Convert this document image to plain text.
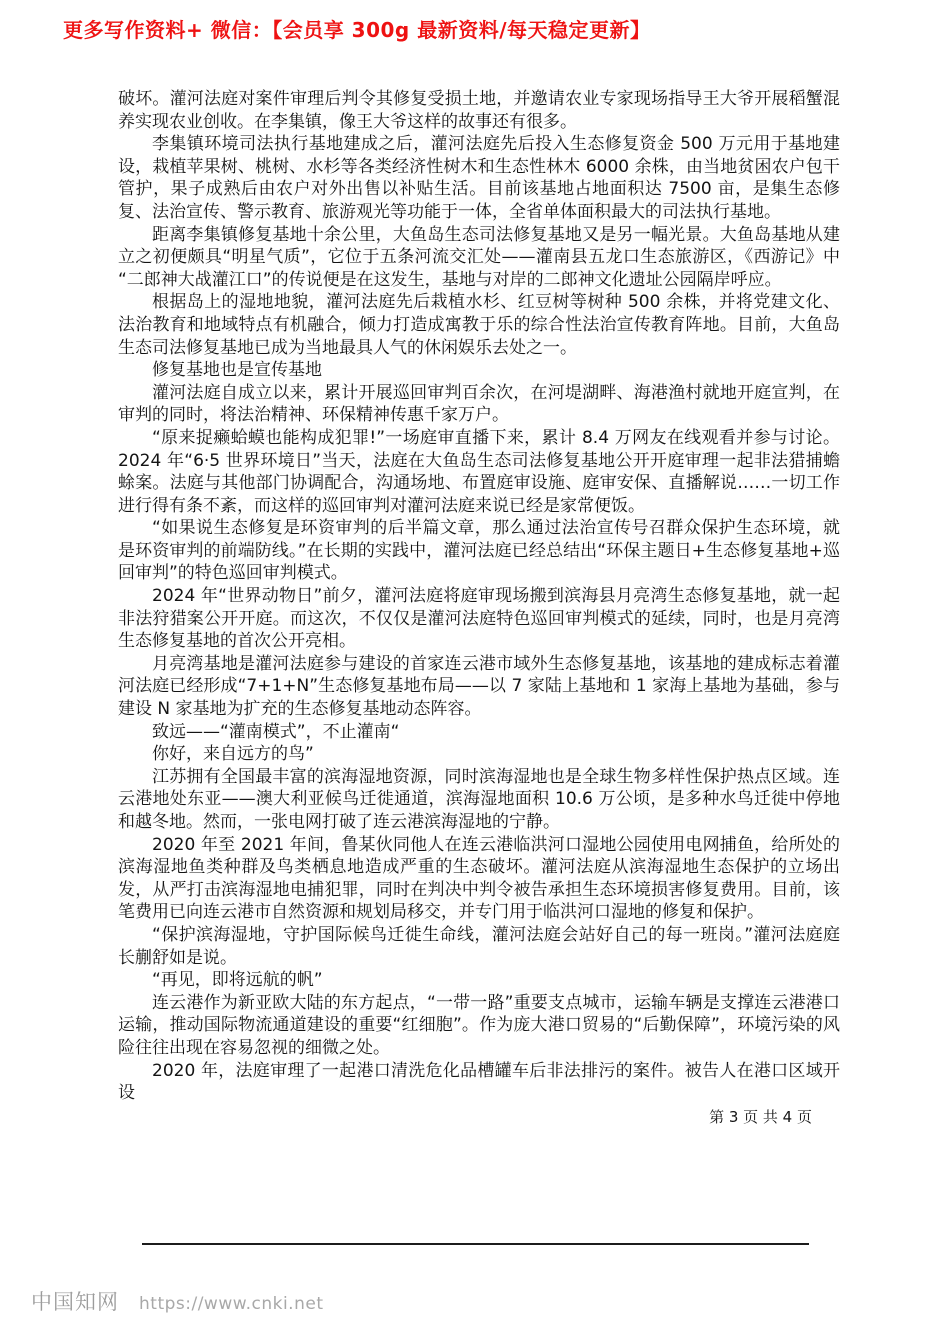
更多写作资料+ 微信：【会员享 300g 最新资料/每天稳定更新】

破坏。灌河法庭对案件审理后判令其修复受损土地，并邀请农业专家现场指导王大爷开展稻蟹混养实现农业创收。在李集镇，像王大爷这样的故事还有很多。

李集镇环境司法执行基地建成之后，灌河法庭先后投入生态修复资金 500 万元用于基地建设，栽植苹果树、桃树、水杉等各类经济性树木和生态性林木 6000 余株，由当地贫困农户包干管护，果子成熟后由农户对外出售以补贴生活。目前该基地占地面积达 7500 亩，是集生态修复、法治宣传、警示教育、旅游观光等功能于一体，全省单体面积最大的司法执行基地。

距离李集镇修复基地十余公里，大鱼岛生态司法修复基地又是另一幅光景。大鱼岛基地从建立之初便颇具“明星气质”，它位于五条河流交汇处——灌南县五龙口生态旅游区，《西游记》中“二郎神大战灌江口”的传说便是在这发生，基地与对岸的二郎神文化遗址公园隔岸呼应。

根据岛上的湿地地貌，灌河法庭先后栽植水杉、红豆树等树种 500 余株，并将党建文化、法治教育和地域特点有机融合，倾力打造成寓教于乐的综合性法治宣传教育阵地。目前，大鱼岛生态司法修复基地已成为当地最具人气的休闲娱乐去处之一。

修复基地也是宣传基地

灌河法庭自成立以来，累计开展巡回审判百余次，在河堤湖畔、海港渔村就地开庭宣判，在审判的同时，将法治精神、环保精神传惠千家万户。

“原来捉癞蛤蟆也能构成犯罪!”一场庭审直播下来，累计 8.4 万网友在线观看并参与讨论。2024 年“6·5 世界环境日”当天，法庭在大鱼岛生态司法修复基地公开开庭审理一起非法猎捕蟾蜍案。法庭与其他部门协调配合，沟通场地、布置庭审设施、庭审安保、直播解说……一切工作进行得有条不紊，而这样的巡回审判对灌河法庭来说已经是家常便饭。

“如果说生态修复是环资审判的后半篇文章，那么通过法治宣传号召群众保护生态环境，就是环资审判的前端防线。”在长期的实践中，灌河法庭已经总结出“环保主题日+生态修复基地+巡回审判”的特色巡回审判模式。

2024 年“世界动物日”前夕，灌河法庭将庭审现场搬到滨海县月亮湾生态修复基地，就一起非法狩猎案公开开庭。而这次，不仅仅是灌河法庭特色巡回审判模式的延续，同时，也是月亮湾生态修复基地的首次公开亮相。

月亮湾基地是灌河法庭参与建设的首家连云港市域外生态修复基地，该基地的建成标志着灌河法庭已经形成“7+1+N”生态修复基地布局——以 7 家陆上基地和 1 家海上基地为基础，参与建设 N 家基地为扩充的生态修复基地动态阵容。

致远——“灌南模式”，不止灌南“

你好，来自远方的鸟”

江苏拥有全国最丰富的滨海湿地资源，同时滨海湿地也是全球生物多样性保护热点区域。连云港地处东亚——澳大利亚候鸟迁徙通道，滨海湿地面积 10.6 万公顷，是多种水鸟迁徙中停地和越冬地。然而，一张电网打破了连云港滨海湿地的宁静。

2020 年至 2021 年间，鲁某伙同他人在连云港临洪河口湿地公园使用电网捕鱼，给所处的滨海湿地鱼类种群及鸟类栖息地造成严重的生态破坏。灌河法庭从滨海湿地生态保护的立场出发，从严打击滨海湿地电捕犯罪，同时在判决中判令被告承担生态环境损害修复费用。目前，该笔费用已向连云港市自然资源和规划局移交，并专门用于临洪河口湿地的修复和保护。

“保护滨海湿地，守护国际候鸟迁徙生命线，灌河法庭会站好自己的每一班岗。”灌河法庭庭长蒯舒如是说。

“再见，即将远航的帆”

连云港作为新亚欧大陆的东方起点，“一带一路”重要支点城市，运输车辆是支撑连云港港口运输，推动国际物流通道建设的重要“红细胞”。作为庞大港口贸易的“后勤保障”，环境污染的风险往往出现在容易忽视的细微之处。

2020 年，法庭审理了一起港口清洗危化品槽罐车后非法排污的案件。被告人在港口区域开设

第 3 页 共 4 页
中国知网 https://www.cnki.net
